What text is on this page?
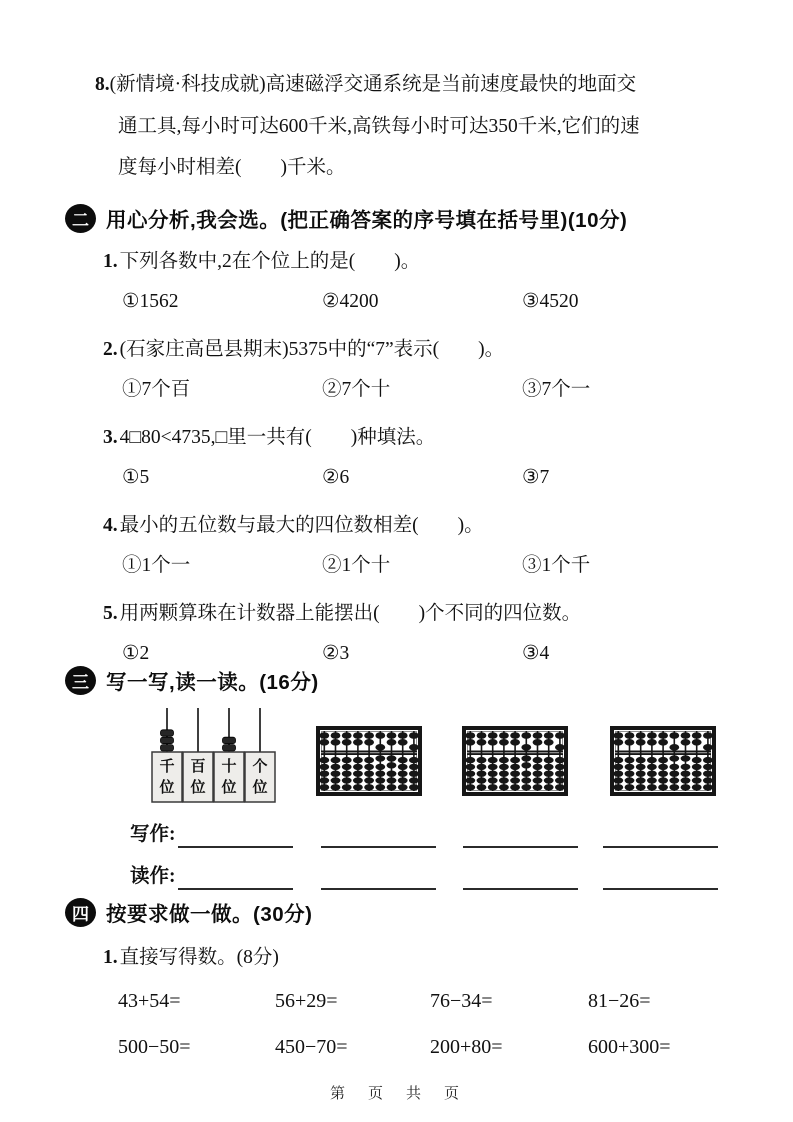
8.(新情境·科技成就)高速磁浮交通系统是当前速度最快的地面交
通工具,每小时可达600千米,高铁每小时可达350千米,它们的速
度每小时相差(　　)千米。
二 用心分析,我会选。(把正确答案的序号填在括号里)(10分)
1. 下列各数中,2在个位上的是(　　)。
①1562	②4200	③4520
2. (石家庄高邑县期末)5375中的“7”表示(　　)。
①7个百	②7个十	③7个一
3. 4□80<4735,□里一共有(　　)种填法。
①5	②6	③7
4. 最小的五位数与最大的四位数相差(　　)。
①1个一	②1个十	③1个千
5. 用两颗算珠在计数器上能摆出(　　)个不同的四位数。
①2	②3	③4
三 写一写,读一读。(16分)
千
位
百
位
十
位
个
位
写作:
读作:
四 按要求做一做。(30分)
1. 直接写得数。(8分)
43+54=	56+29=	76−34=	81−26=
500−50=	450−70=	200+80=	600+300=
第　页　共　页
